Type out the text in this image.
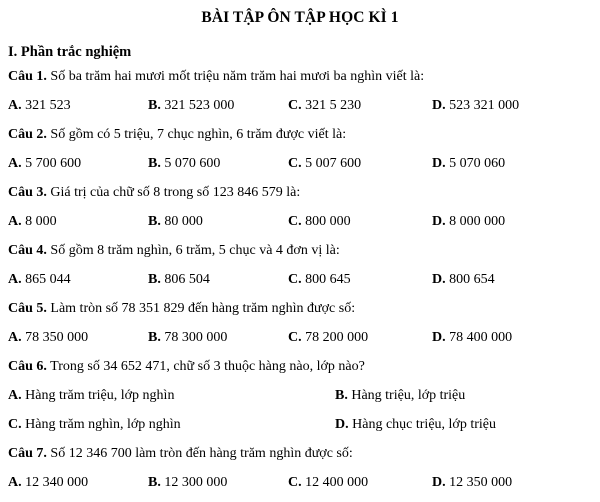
BÀI TẬP ÔN TẬP HỌC KÌ 1
I. Phần trắc nghiệm
Câu 1. Số ba trăm hai mươi mốt triệu năm trăm hai mươi ba nghìn viết là:
A. 321 523	B. 321 523 000	C. 321 5 230	D. 523 321 000
Câu 2. Số gồm có 5 triệu, 7 chục nghìn, 6 trăm được viết là:
A. 5 700 600	B. 5 070 600	C. 5 007 600	D. 5 070 060
Câu 3. Giá trị của chữ số 8 trong số 123 846 579 là:
A. 8 000	B. 80 000	C. 800 000	D. 8 000 000
Câu 4. Số gồm 8 trăm nghìn, 6 trăm, 5 chục và 4 đơn vị là:
A. 865 044	B. 806 504	C. 800 645	D. 800 654
Câu 5. Làm tròn số 78 351 829 đến hàng trăm nghìn được số:
A. 78 350 000	B. 78 300 000	C. 78 200 000	D. 78 400 000
Câu 6. Trong số 34 652 471, chữ số 3 thuộc hàng nào, lớp nào?
A. Hàng trăm triệu, lớp nghìn	B. Hàng triệu, lớp triệu
C. Hàng trăm nghìn, lớp nghìn	D. Hàng chục triệu, lớp triệu
Câu 7. Số 12 346 700 làm tròn đến hàng trăm nghìn được số:
A. 12 340 000	B. 12 300 000	C. 12 400 000	D. 12 350 000
